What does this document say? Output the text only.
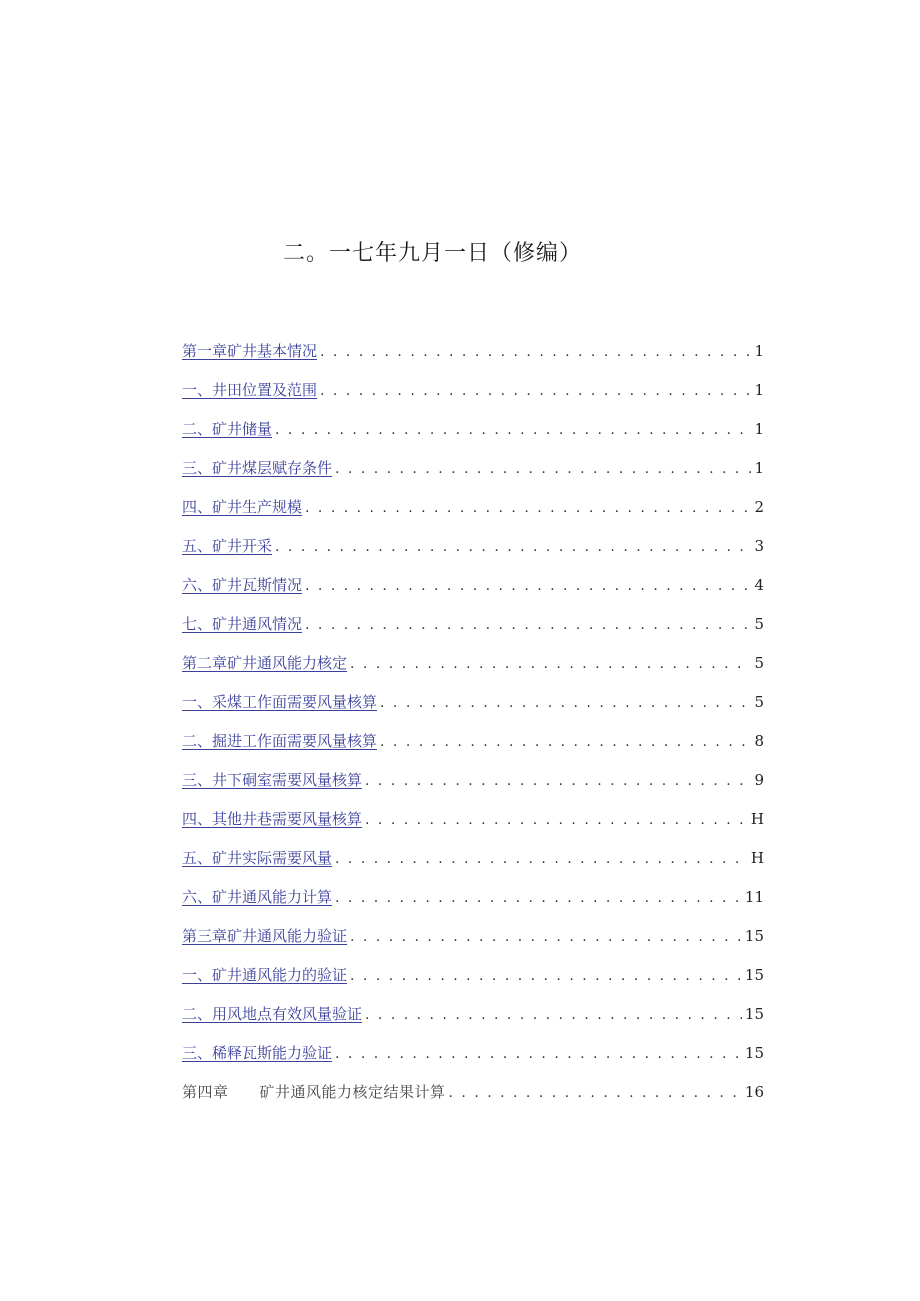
二。一七年九月一日（修编）
第一章矿井基本情况 . . .	1
一、井田位置及范围 . . .	1
二、矿井储量 . . .	1
三、矿井煤层赋存条件 . . .	1
四、矿井生产规模 . . .	2
五、矿井开采 . . .	3
六、矿井瓦斯情况 . . .	4
七、矿井通风情况 . . .	5
第二章矿井通风能力核定 . . .	5
一、采煤工作面需要风量核算 . . .	5
二、掘进工作面需要风量核算 . . .	8
三、井下硐室需要风量核算 . . .	9
四、其他井巷需要风量核算 . . .	H
五、矿井实际需要风量 . . .	H
六、矿井通风能力计算 . . .	11
第三章矿井通风能力验证 . . .	15
一、矿井通风能力的验证 . . .	15
二、用风地点有效风量验证 . . .	15
三、稀释瓦斯能力验证 . . .	15
第四章　　矿井通风能力核定结果计算 . . .	16
